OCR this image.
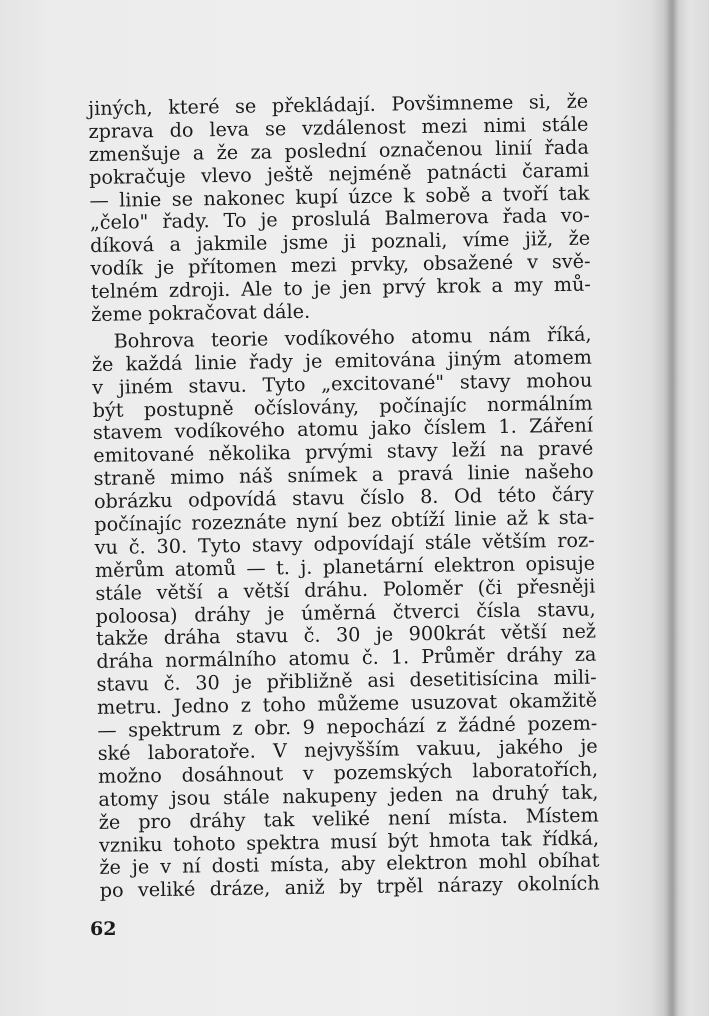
jiných, které se překládají. Povšimneme si, že
zprava do leva se vzdálenost mezi nimi stále
zmenšuje a že za poslední označenou linií řada
pokračuje vlevo ještě nejméně patnácti čarami
— linie se nakonec kupí úzce k sobě a tvoří tak
„čelo" řady. To je proslulá Balmerova řada vo-
díková a jakmile jsme ji poznali, víme již, že
vodík je přítomen mezi prvky, obsažené v svě-
telném zdroji. Ale to je jen prvý krok a my mů-
žeme pokračovat dále.
Bohrova teorie vodíkového atomu nám říká,
že každá linie řady je emitována jiným atomem
v jiném stavu. Tyto „excitované" stavy mohou
být postupně očíslovány, počínajíc normálním
stavem vodíkového atomu jako číslem 1. Záření
emitované několika prvými stavy leží na pravé
straně mimo náš snímek a pravá linie našeho
obrázku odpovídá stavu číslo 8. Od této čáry
počínajíc rozeznáte nyní bez obtíží linie až k sta-
vu č. 30. Tyto stavy odpovídají stále větším roz-
měrům atomů — t. j. planetární elektron opisuje
stále větší a větší dráhu. Poloměr (či přesněji
poloosa) dráhy je úměrná čtverci čísla stavu,
takže dráha stavu č. 30 je 900krát větší než
dráha normálního atomu č. 1. Průměr dráhy za
stavu č. 30 je přibližně asi desetitisícina mili-
metru. Jedno z toho můžeme usuzovat okamžitě
— spektrum z obr. 9 nepochází z žádné pozem-
ské laboratoře. V nejvyšším vakuu, jakého je
možno dosáhnout v pozemských laboratořích,
atomy jsou stále nakupeny jeden na druhý tak,
že pro dráhy tak veliké není místa. Místem
vzniku tohoto spektra musí být hmota tak řídká,
že je v ní dosti místa, aby elektron mohl obíhat
po veliké dráze, aniž by trpěl nárazy okolních
62
